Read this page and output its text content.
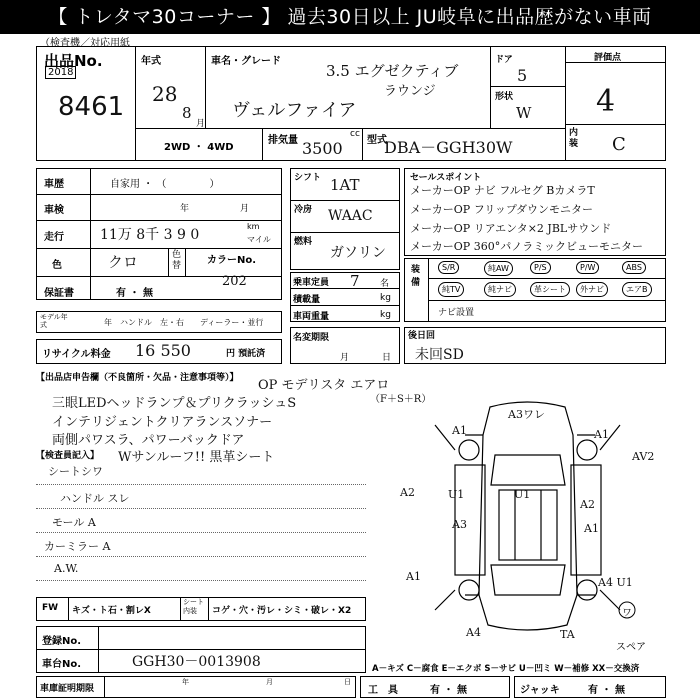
【 トレタマ30コーナー 】 過去30日以上 JU岐阜に出品歴がない車両
（検査機／対応用紙
出品No.
2018
8461
年式
28
8
月
車名・グレード
3.5 エグゼクティブ
ラウンジ
ヴェルファイア
ドア
5
形状
W
評価点
4
内装 C
2WD ・ 4WD
排気量
cc
3500 型式
DBA－GGH30W
車歴	自家用 ・ （ 　　　　）
車検	年	月
走行	11万 8千 3 9 0
km
マイル
色	クロ	色替	カラーNo.
202
保証書	有 ・ 無
モデル年式	年 ハンドル　左・右 ディーラー・並行
リサイクル料金 16 550	円 預託済
シフト 1AT
冷房 WAAC
燃料
ガソリン
乗車定員 7 名
積載量	kg
車両重量	kg
名変期限
月	日
セールスポイント
メーカーOP ナビ フルセグ BカメラT
メーカーOP フリップダウンモニター
メーカーOP リアエンタ×2 JBLサウンド
メーカーOP 360°パノラミックビューモニター
装備
S/R	純AW	P/S	P/W	ABS
純TV	純ナビ	革シート	外ナビ	エアB
ナビ設置
後日回
未回SD
【出品店申告欄（不良箇所・欠品・注意事項等）】 OP モデリスタ エアロ
（F＋S＋R）
三眼LEDヘッドランプ＆プリクラッシュS
インテリジェントクリアランスソナー
両側パワスラ、パワーバックドア
Wサンルーフ!! 黒革シート
【検査員記入】
シートシワ
ハンドル スレ
モール A
カーミラー A
A.W.
A3ワレ
A1	A1
AV2
A2	U1	U1
A2
A3	A1
A1	A4 U1
A4	TA
ワ
スペア
FW キズ・ト石・割レX
シート内装	コゲ・穴・汚レ・シミ・破レ・X2
登録No.
車台No.	GGH30－0013908	A－キズ C－腐食 E－エクボ S－サビ U－凹ミ W－補修 XX－交換済
車庫証明期限
年	月	日
工　具	有 ・ 無	ジャッキ	有 ・ 無
